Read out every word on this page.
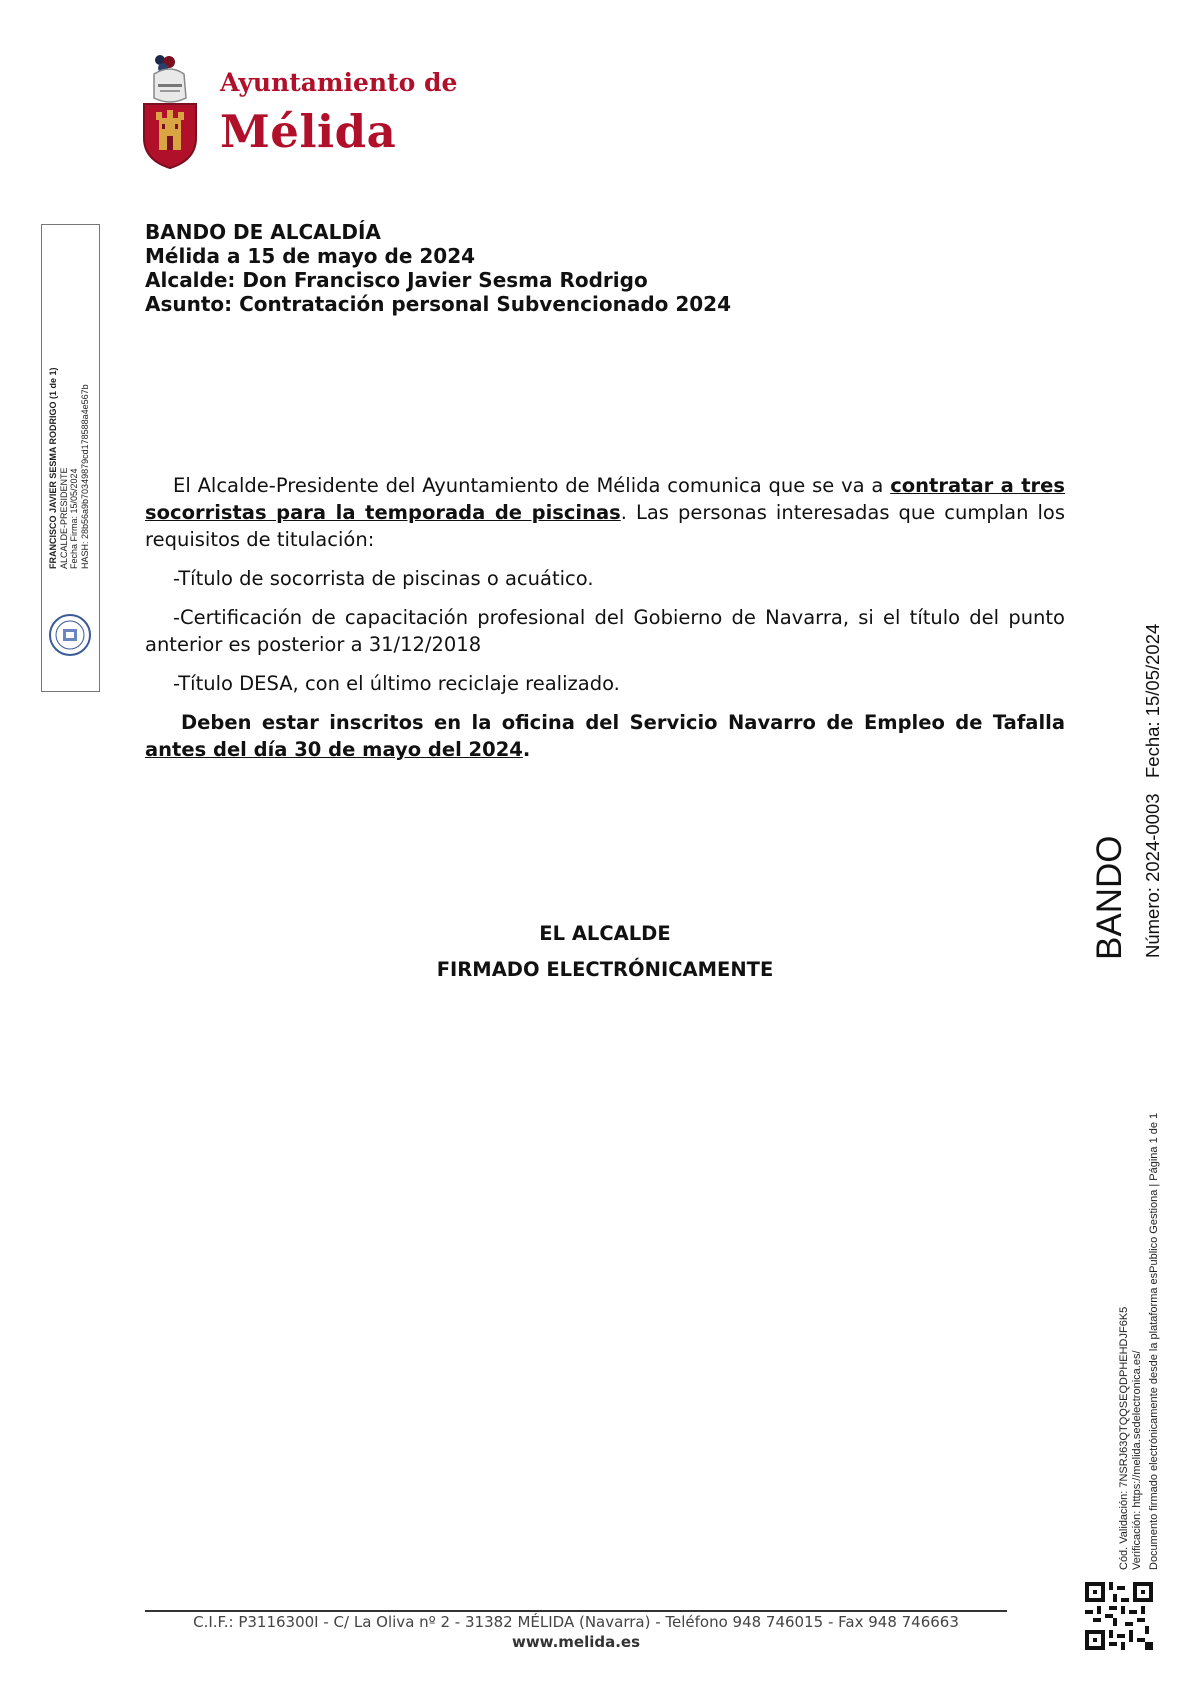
Ayuntamiento de
Mélida
BANDO DE ALCALDÍA
Mélida a 15 de mayo de 2024
Alcalde: Don Francisco Javier Sesma Rodrigo
Asunto: Contratación personal Subvencionado 2024

El Alcalde-Presidente del Ayuntamiento de Mélida comunica que se va a contratar a tres socorristas para la temporada de piscinas. Las personas interesadas que cumplan los requisitos de titulación:

-Título de socorrista de piscinas o acuático.

-Certificación de capacitación profesional del Gobierno de Navarra, si el título del punto anterior es posterior a 31/12/2018

-Título DESA, con el último reciclaje realizado.

Deben estar inscritos en la oficina del Servicio Navarro de Empleo de Tafalla antes del día 30 de mayo del 2024.

EL ALCALDE
FIRMADO ELECTRÓNICAMENTE
FRANCISCO JAVIER SESMA RODRIGO (1 de 1) ALCALDE-PRESIDENTE Fecha Firma: 15/05/2024 HASH: 28b56a9b70349879cd178588a4e567b
BANDO Número: 2024-0003
Fecha: 15/05/2024
Cód. Validación: 7NSRJ63QTQQSEQDPHEHDJF6K5 Verificación: https://melida.sedelectronica.es/ Documento firmado electrónicamente desde la plataforma esPublico Gestiona | Página 1 de 1
C.I.F.: P3116300I - C/ La Oliva nº 2 - 31382 MÉLIDA (Navarra) - Teléfono 948 746015 - Fax 948 746663
www.melida.es
